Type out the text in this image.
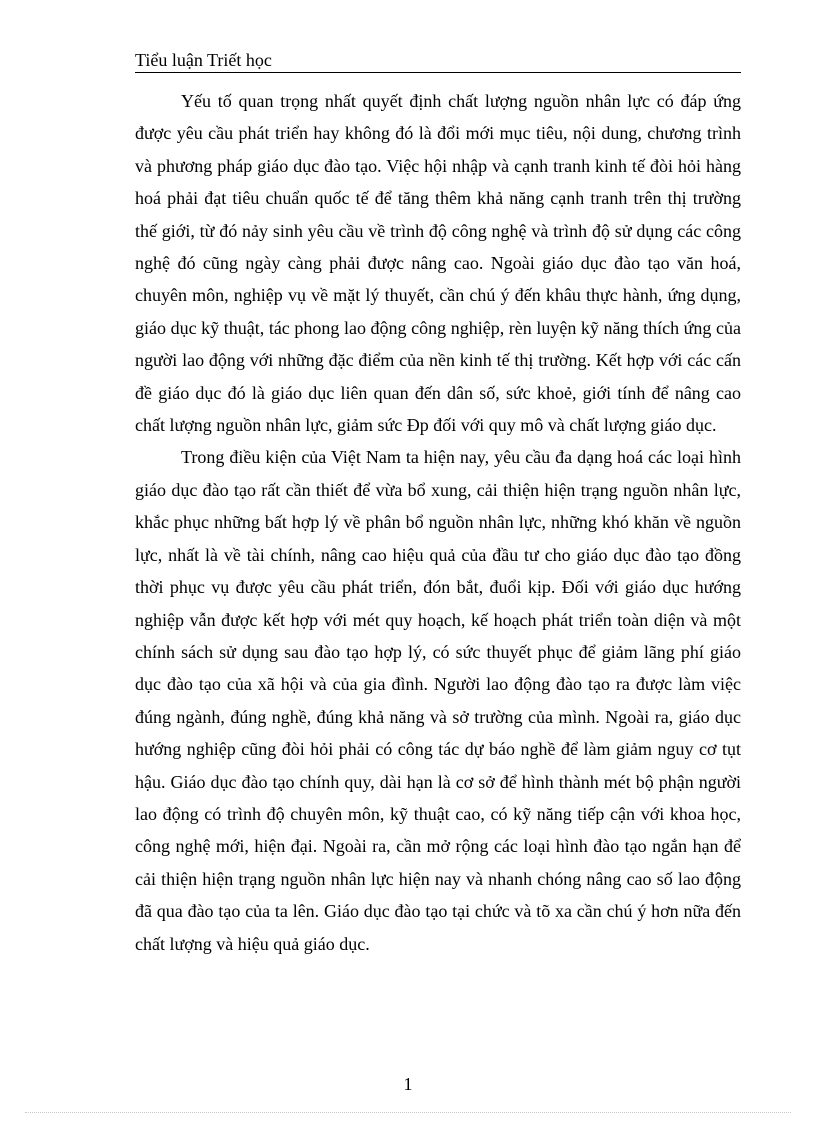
Tiểu luận Triết học

Yếu tố quan trọng nhất quyết định chất lượng nguồn nhân lực có đáp ứng được yêu cầu phát triển hay không đó là đổi mới mục tiêu, nội dung, chương trình và phương pháp giáo dục đào tạo. Việc hội nhập và cạnh tranh kinh tế đòi hỏi hàng hoá phải đạt tiêu chuẩn quốc tế để tăng thêm khả năng cạnh tranh trên thị trường thế giới, từ đó nảy sinh yêu cầu về trình độ công nghệ và trình độ sử dụng các công nghệ đó cũng ngày càng phải được nâng cao. Ngoài giáo dục đào tạo văn hoá, chuyên môn, nghiệp vụ về mặt lý thuyết, cần chú ý đến khâu thực hành, ứng dụng, giáo dục kỹ thuật, tác phong lao động công nghiệp, rèn luyện kỹ năng thích ứng của người lao động với những đặc điểm của nền kinh tế thị trường. Kết hợp với các cấn đề giáo dục đó là giáo dục liên quan đến dân số, sức khoẻ, giới tính để nâng cao chất lượng nguồn nhân lực, giảm sức Ðp đối với quy mô và chất lượng giáo dục.

Trong điều kiện của Việt Nam ta hiện nay, yêu cầu đa dạng hoá các loại hình giáo dục đào tạo rất cần thiết để vừa bổ xung, cải thiện hiện trạng nguồn nhân lực, khắc phục những bất hợp lý về phân bổ nguồn nhân lực, những khó khăn về nguồn lực, nhất là về tài chính, nâng cao hiệu quả của đầu tư cho giáo dục đào tạo đồng thời phục vụ được yêu cầu phát triển, đón bắt, đuổi kịp. Đối với giáo dục hướng nghiệp vẫn được kết hợp với mét quy hoạch, kế hoạch phát triển toàn diện và một chính sách sử dụng sau đào tạo hợp lý, có sức thuyết phục để giảm lãng phí giáo dục đào tạo của xã hội và của gia đình. Người lao động đào tạo ra được làm việc đúng ngành, đúng nghề, đúng khả năng và sở trường của mình. Ngoài ra, giáo dục hướng nghiệp cũng đòi hỏi phải có công tác dự báo nghề để làm giảm nguy cơ tụt hậu. Giáo dục đào tạo chính quy, dài hạn là cơ sở để hình thành mét bộ phận người lao động có trình độ chuyên môn, kỹ thuật cao, có kỹ năng tiếp cận với khoa học, công nghệ mới, hiện đại. Ngoài ra, cần mở rộng các loại hình đào tạo ngắn hạn để cải thiện hiện trạng nguồn nhân lực hiện nay và nhanh chóng nâng cao số lao động đã qua đào tạo của ta lên. Giáo dục đào tạo tại chức và tõ xa cần chú ý hơn nữa đến chất lượng và hiệu quả giáo dục.

1
